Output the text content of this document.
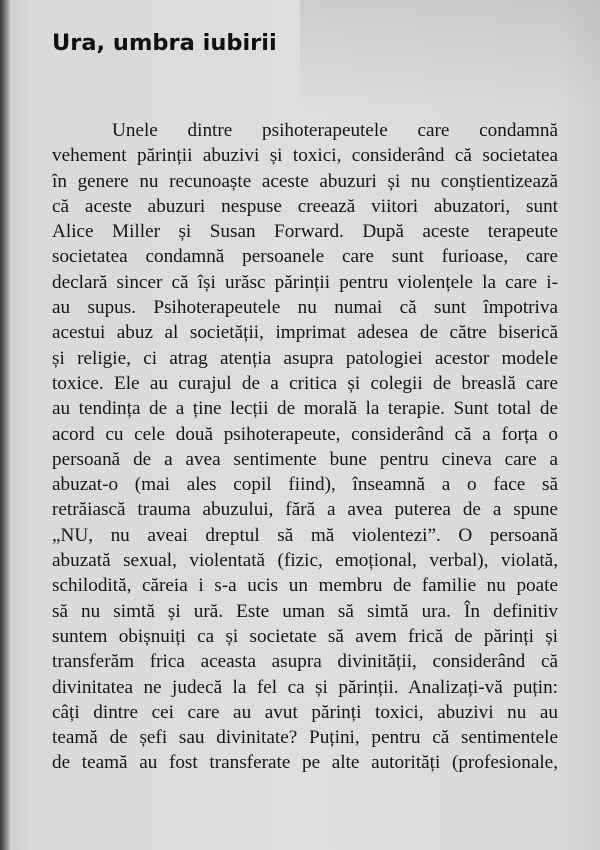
Ura, umbra iubirii
Unele dintre psihoterapeutele care condamnă
vehement părinții abuzivi și toxici, considerând că societatea
în genere nu recunoaște aceste abuzuri și nu conștientizează
că aceste abuzuri nespuse creează viitori abuzatori, sunt
Alice Miller și Susan Forward. După aceste terapeute
societatea condamnă persoanele care sunt furioase, care
declară sincer că își urăsc părinții pentru violențele la care i-
au supus. Psihoterapeutele nu numai că sunt împotriva
acestui abuz al societății, imprimat adesea de către biserică
și religie, ci atrag atenția asupra patologiei acestor modele
toxice. Ele au curajul de a critica și colegii de breaslă care
au tendința de a ține lecții de morală la terapie. Sunt total de
acord cu cele două psihoterapeute, considerând că a forța o
persoană de a avea sentimente bune pentru cineva care a
abuzat-o (mai ales copil fiind), înseamnă a o face să
retrăiască trauma abuzului, fără a avea puterea de a spune
„NU, nu aveai dreptul să mă violentezi”. O persoană
abuzată sexual, violentată (fizic, emoțional, verbal), violată,
schilodită, căreia i s-a ucis un membru de familie nu poate
să nu simtă și ură. Este uman să simtă ura. În definitiv
suntem obișnuiți ca și societate să avem frică de părinți și
transferăm frica aceasta asupra divinității, considerând că
divinitatea ne judecă la fel ca și părinții. Analizați-vă puțin:
câți dintre cei care au avut părinți toxici, abuzivi nu au
teamă de șefi sau divinitate? Puțini, pentru că sentimentele
de teamă au fost transferate pe alte autorități (profesionale,
